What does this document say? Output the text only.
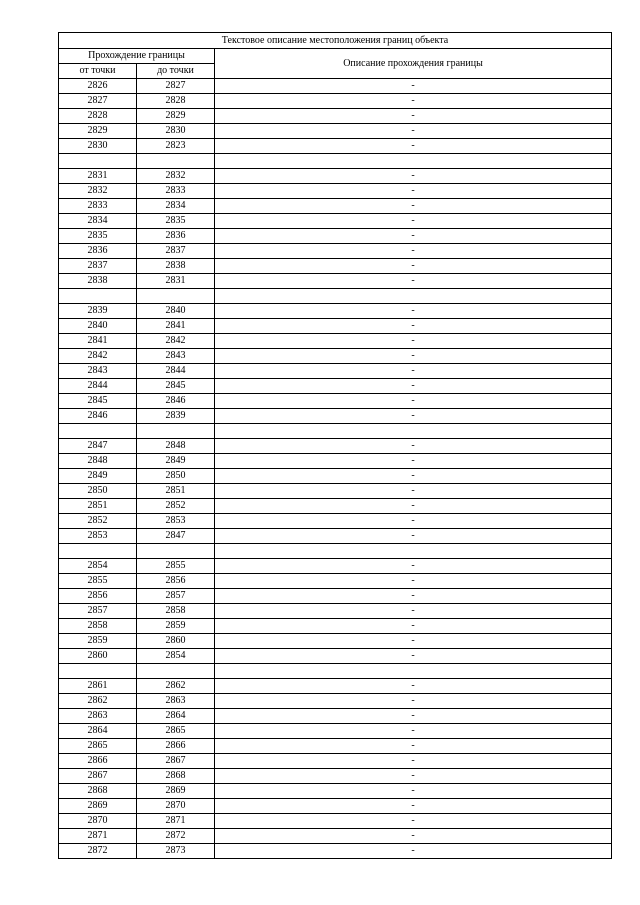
Текстовое описание местоположения границ объекта		
Прохождение границы		Описание прохождения границы
от точки	до точки	
2826	2827	-
2827	2828	-
2828	2829	-
2829	2830	-
2830	2823	-

2831	2832	-
2832	2833	-
2833	2834	-
2834	2835	-
2835	2836	-
2836	2837	-
2837	2838	-
2838	2831	-

2839	2840	-
2840	2841	-
2841	2842	-
2842	2843	-
2843	2844	-
2844	2845	-
2845	2846	-
2846	2839	-

2847	2848	-
2848	2849	-
2849	2850	-
2850	2851	-
2851	2852	-
2852	2853	-
2853	2847	-

2854	2855	-
2855	2856	-
2856	2857	-
2857	2858	-
2858	2859	-
2859	2860	-
2860	2854	-

2861	2862	-
2862	2863	-
2863	2864	-
2864	2865	-
2865	2866	-
2866	2867	-
2867	2868	-
2868	2869	-
2869	2870	-
2870	2871	-
2871	2872	-
2872	2873	-
